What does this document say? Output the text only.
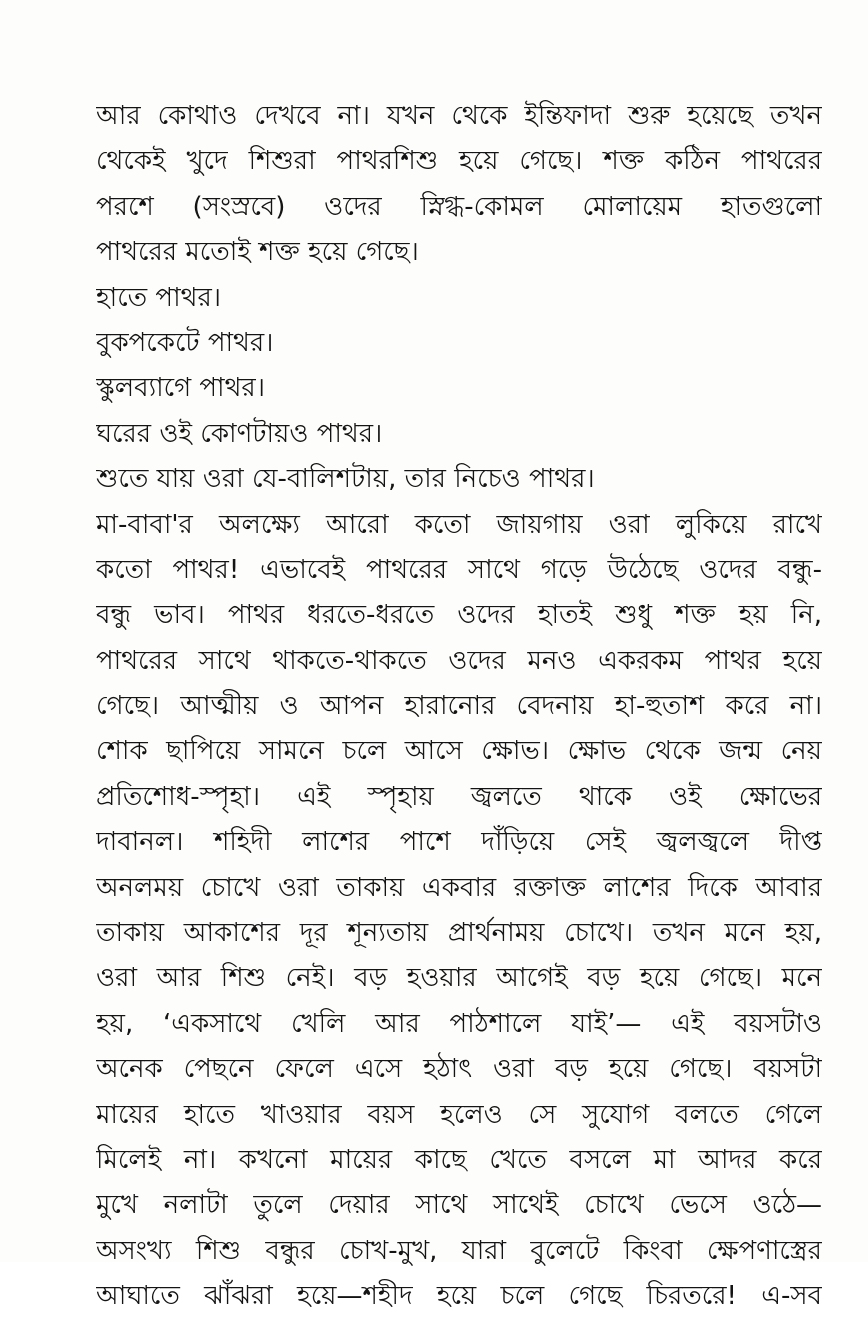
আর কোথাও দেখবে না। যখন থেকে ইন্তিফাদা শুরু হয়েছে তখন
থেকেই খুদে শিশুরা পাথরশিশু হয়ে গেছে। শক্ত কঠিন পাথরের
পরশে (সংস্রবে) ওদের স্নিগ্ধ-কোমল মোলায়েম হাতগুলো
পাথরের মতোই শক্ত হয়ে গেছে।
হাতে পাথর।
বুকপকেটে পাথর।
স্কুলব্যাগে পাথর।
ঘরের ওই কোণটায়ও পাথর।
শুতে যায় ওরা যে-বালিশটায়, তার নিচেও পাথর।
মা-বাবা'র অলক্ষ্যে আরো কতো জায়গায় ওরা লুকিয়ে রাখে
কতো পাথর! এভাবেই পাথরের সাথে গড়ে উঠেছে ওদের বন্ধু-
বন্ধু ভাব। পাথর ধরতে-ধরতে ওদের হাতই শুধু শক্ত হয় নি,
পাথরের সাথে থাকতে-থাকতে ওদের মনও একরকম পাথর হয়ে
গেছে। আত্মীয় ও আপন হারানোর বেদনায় হা-হুতাশ করে না।
শোক ছাপিয়ে সামনে চলে আসে ক্ষোভ। ক্ষোভ থেকে জন্ম নেয়
প্রতিশোধ-স্পৃহা। এই স্পৃহায় জ্বলতে থাকে ওই ক্ষোভের
দাবানল। শহিদী লাশের পাশে দাঁড়িয়ে সেই জ্বলজ্বলে দীপ্ত
অনলময় চোখে ওরা তাকায় একবার রক্তাক্ত লাশের দিকে আবার
তাকায় আকাশের দূর শূন্যতায় প্রার্থনাময় চোখে। তখন মনে হয়,
ওরা আর শিশু নেই। বড় হওয়ার আগেই বড় হয়ে গেছে। মনে
হয়, ‘একসাথে খেলি আর পাঠশালে যাই’— এই বয়সটাও
অনেক পেছনে ফেলে এসে হঠাৎ ওরা বড় হয়ে গেছে। বয়সটা
মায়ের হাতে খাওয়ার বয়স হলেও সে সুযোগ বলতে গেলে
মিলেই না। কখনো মায়ের কাছে খেতে বসলে মা আদর করে
মুখে নলাটা তুলে দেয়ার সাথে সাথেই চোখে ভেসে ওঠে—
অসংখ্য শিশু বন্ধুর চোখ-মুখ, যারা বুলেটে কিংবা ক্ষেপণাস্ত্রের
আঘাতে ঝাঁঝরা হয়ে—শহীদ হয়ে চলে গেছে চিরতরে! এ-সব
